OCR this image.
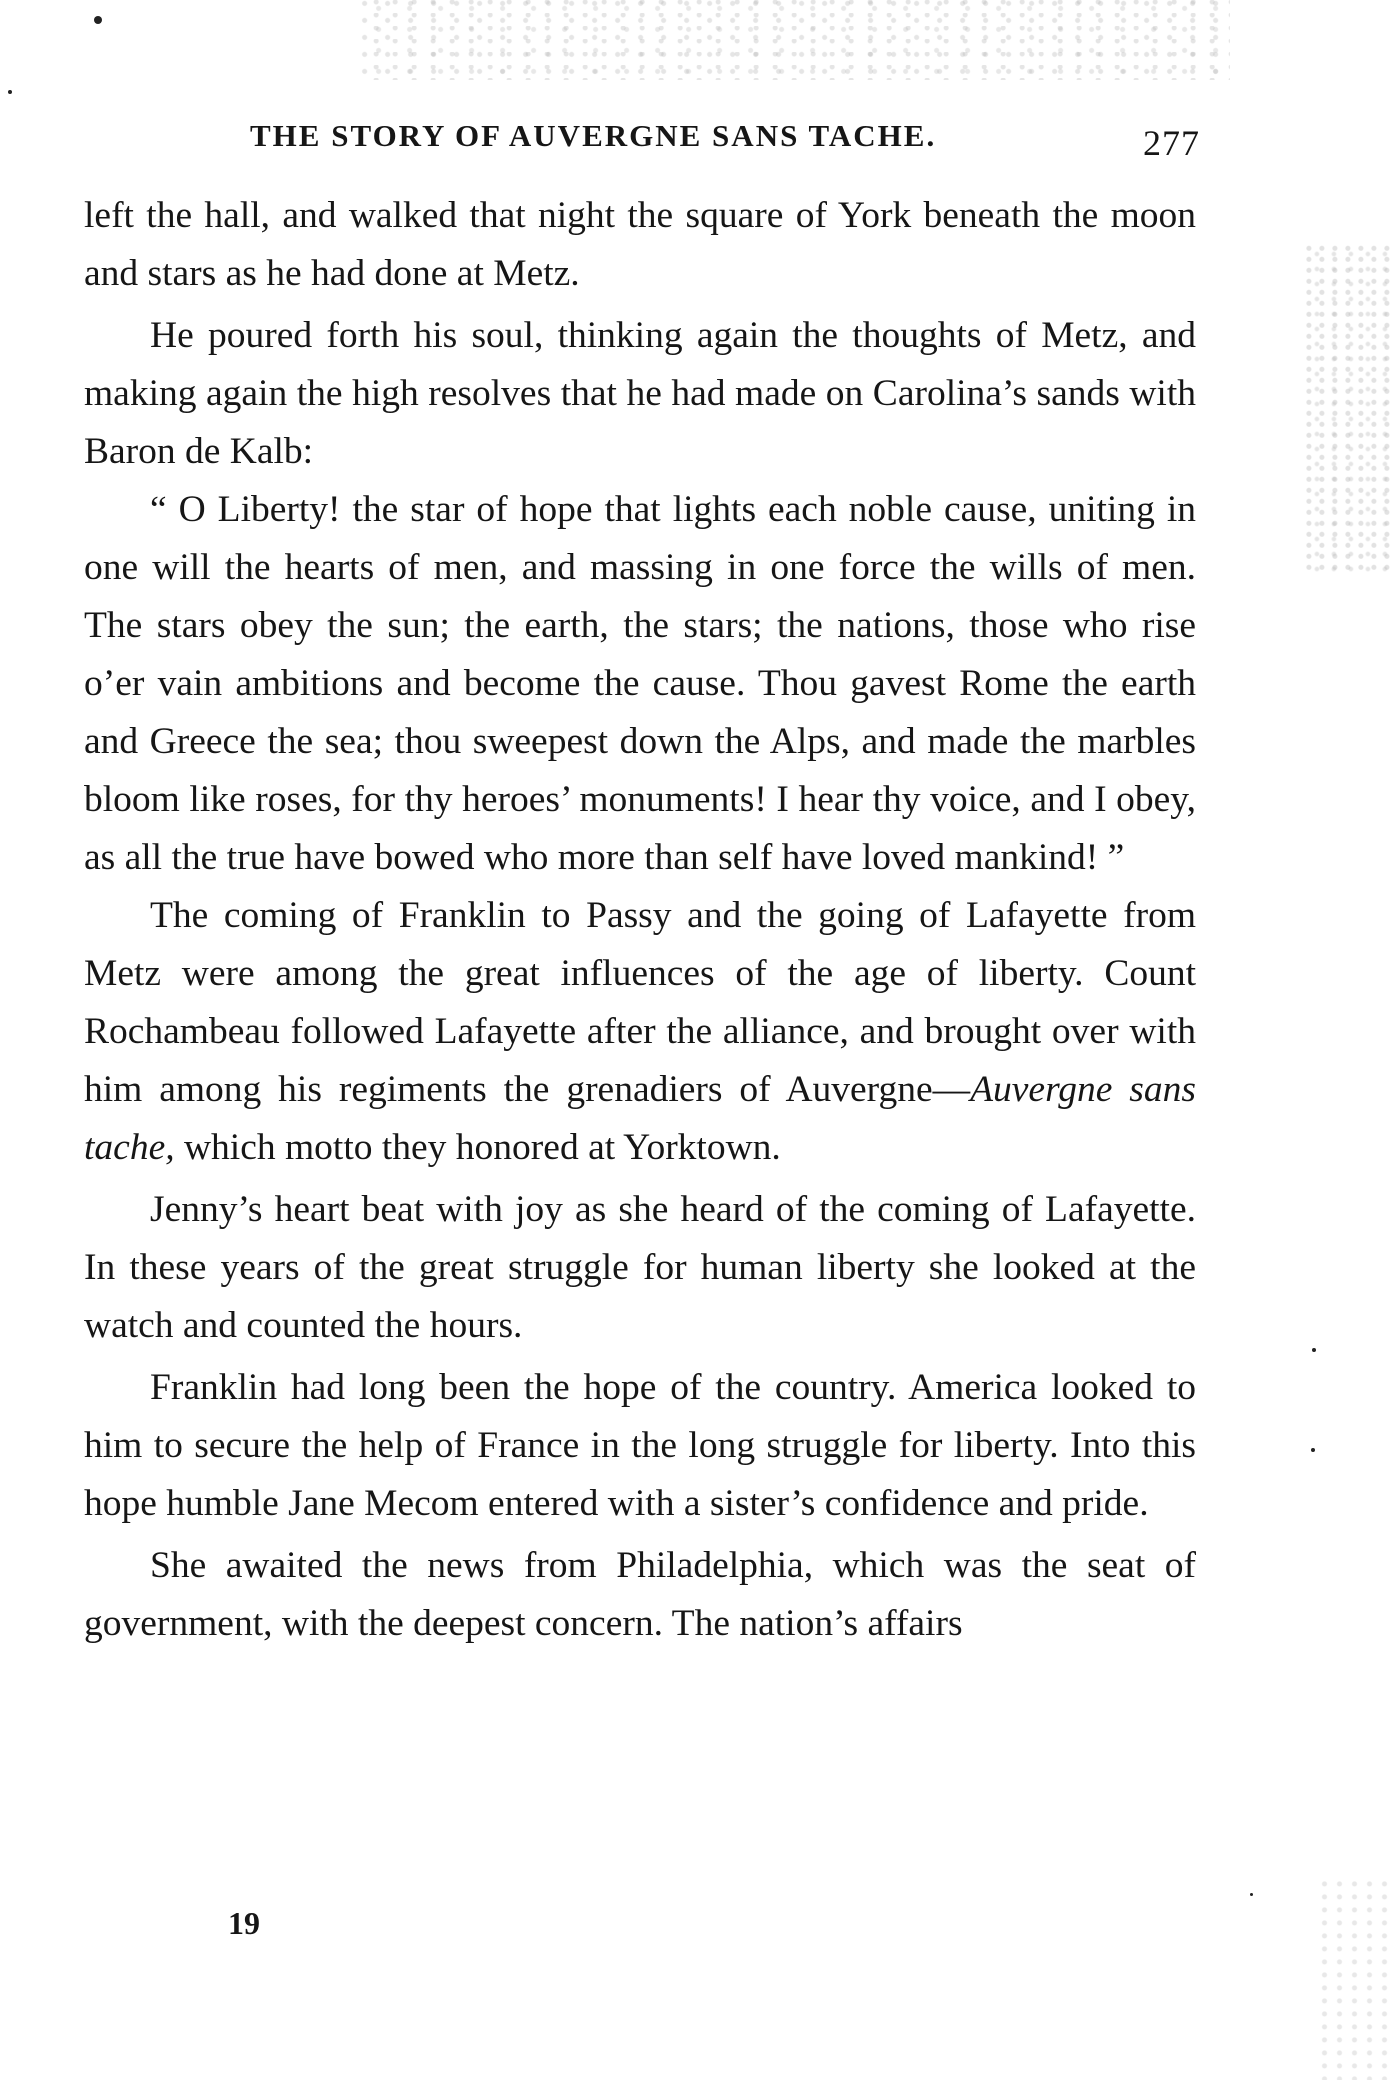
THE STORY OF AUVERGNE SANS TACHE.	277

left the hall, and walked that night the square of York beneath the moon and stars as he had done at Metz.

He poured forth his soul, thinking again the thoughts of Metz, and making again the high resolves that he had made on Carolina’s sands with Baron de Kalb:

“ O Liberty! the star of hope that lights each noble cause, uniting in one will the hearts of men, and massing in one force the wills of men. The stars obey the sun; the earth, the stars; the nations, those who rise o’er vain ambitions and become the cause. Thou gavest Rome the earth and Greece the sea; thou sweepest down the Alps, and made the marbles bloom like roses, for thy heroes’ monuments! I hear thy voice, and I obey, as all the true have bowed who more than self have loved mankind! ”

The coming of Franklin to Passy and the going of Lafayette from Metz were among the great influences of the age of liberty. Count Rochambeau followed Lafayette after the alliance, and brought over with him among his regiments the grenadiers of Auvergne—Auvergne sans tache, which motto they honored at Yorktown.

Jenny’s heart beat with joy as she heard of the coming of Lafayette. In these years of the great struggle for human liberty she looked at the watch and counted the hours.

Franklin had long been the hope of the country. America looked to him to secure the help of France in the long struggle for liberty. Into this hope humble Jane Mecom entered with a sister’s confidence and pride.

She awaited the news from Philadelphia, which was the seat of government, with the deepest concern. The nation’s affairs

19
